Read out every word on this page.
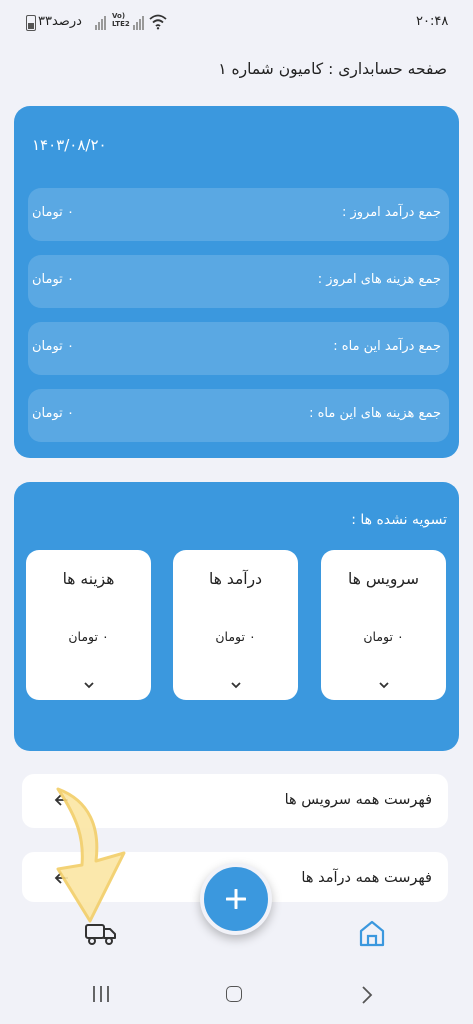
۳۳درصد	Vo)
LTE2	۲۰:۴۸
صفحه حسابداری : کامیون شماره ۱
۱۴۰۳/۰۸/۲۰
جمع درآمد امروز :
۰ تومان
جمع هزینه های امروز :
۰ تومان
جمع درآمد این ماه :
۰ تومان
جمع هزینه های این ماه :
۰ تومان
تسویه نشده ها :
سرویس ها
۰ تومان
درآمد ها
۰ تومان
هزینه ها
۰ تومان
فهرست همه سرویس ها
فهرست همه درآمد ها
